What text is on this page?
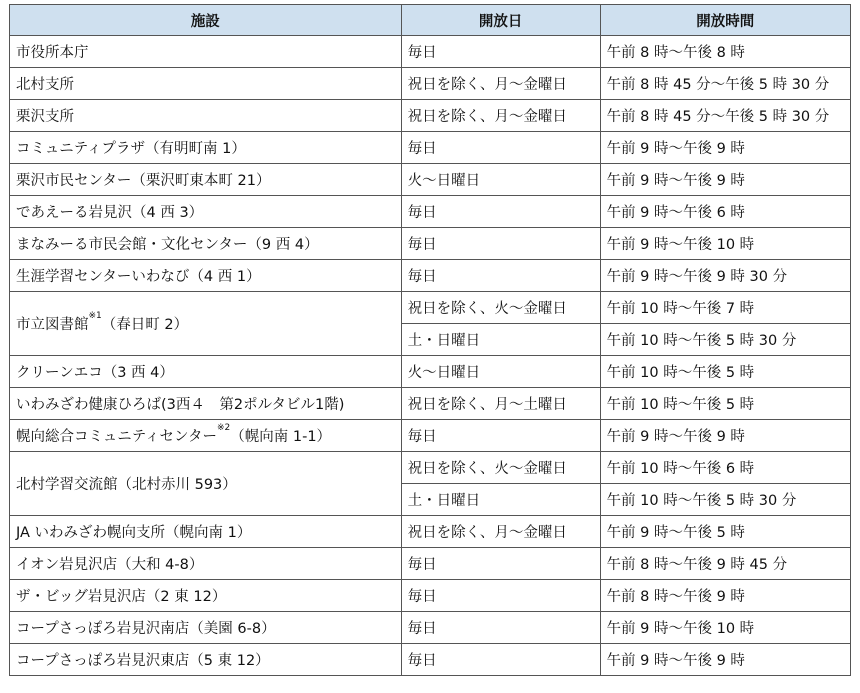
施設	開放日	開放時間
市役所本庁	毎日	午前 8 時～午後 8 時
北村支所	祝日を除く、月～金曜日	午前 8 時 45 分～午後 5 時 30 分
栗沢支所	祝日を除く、月～金曜日	午前 8 時 45 分～午後 5 時 30 分
コミュニティプラザ（有明町南 1）	毎日	午前 9 時～午後 9 時
栗沢市民センター（栗沢町東本町 21）	火～日曜日	午前 9 時～午後 9 時
であえーる岩見沢（4 西 3）	毎日	午前 9 時～午後 6 時
まなみーる市民会館・文化センター（9 西 4）	毎日	午前 9 時～午後 10 時
生涯学習センターいわなび（4 西 1）	毎日	午前 9 時～午後 9 時 30 分
市立図書館$^{※1}$（春日町 2）	祝日を除く、火～金曜日	午前 10 時～午後 7 時
	土・日曜日	午前 10 時～午後 5 時 30 分
クリーンエコ（3 西 4）	火～日曜日	午前 10 時～午後 5 時
いわみざわ健康ひろば(3西４　第2ポルタビル1階)	祝日を除く、月～土曜日	午前 10 時～午後 5 時
幌向総合コミュニティセンター$^{※2}$（幌向南 1-1）	毎日	午前 9 時～午後 9 時
北村学習交流館（北村赤川 593）	祝日を除く、火～金曜日	午前 10 時～午後 6 時
	土・日曜日	午前 10 時～午後 5 時 30 分
JA いわみざわ幌向支所（幌向南 1）	祝日を除く、月～金曜日	午前 9 時～午後 5 時
イオン岩見沢店（大和 4-8）	毎日	午前 8 時～午後 9 時 45 分
ザ・ビッグ岩見沢店（2 東 12）	毎日	午前 8 時～午後 9 時
コープさっぽろ岩見沢南店（美園 6-8）	毎日	午前 9 時～午後 10 時
コープさっぽろ岩見沢東店（5 東 12）	毎日	午前 9 時～午後 9 時
